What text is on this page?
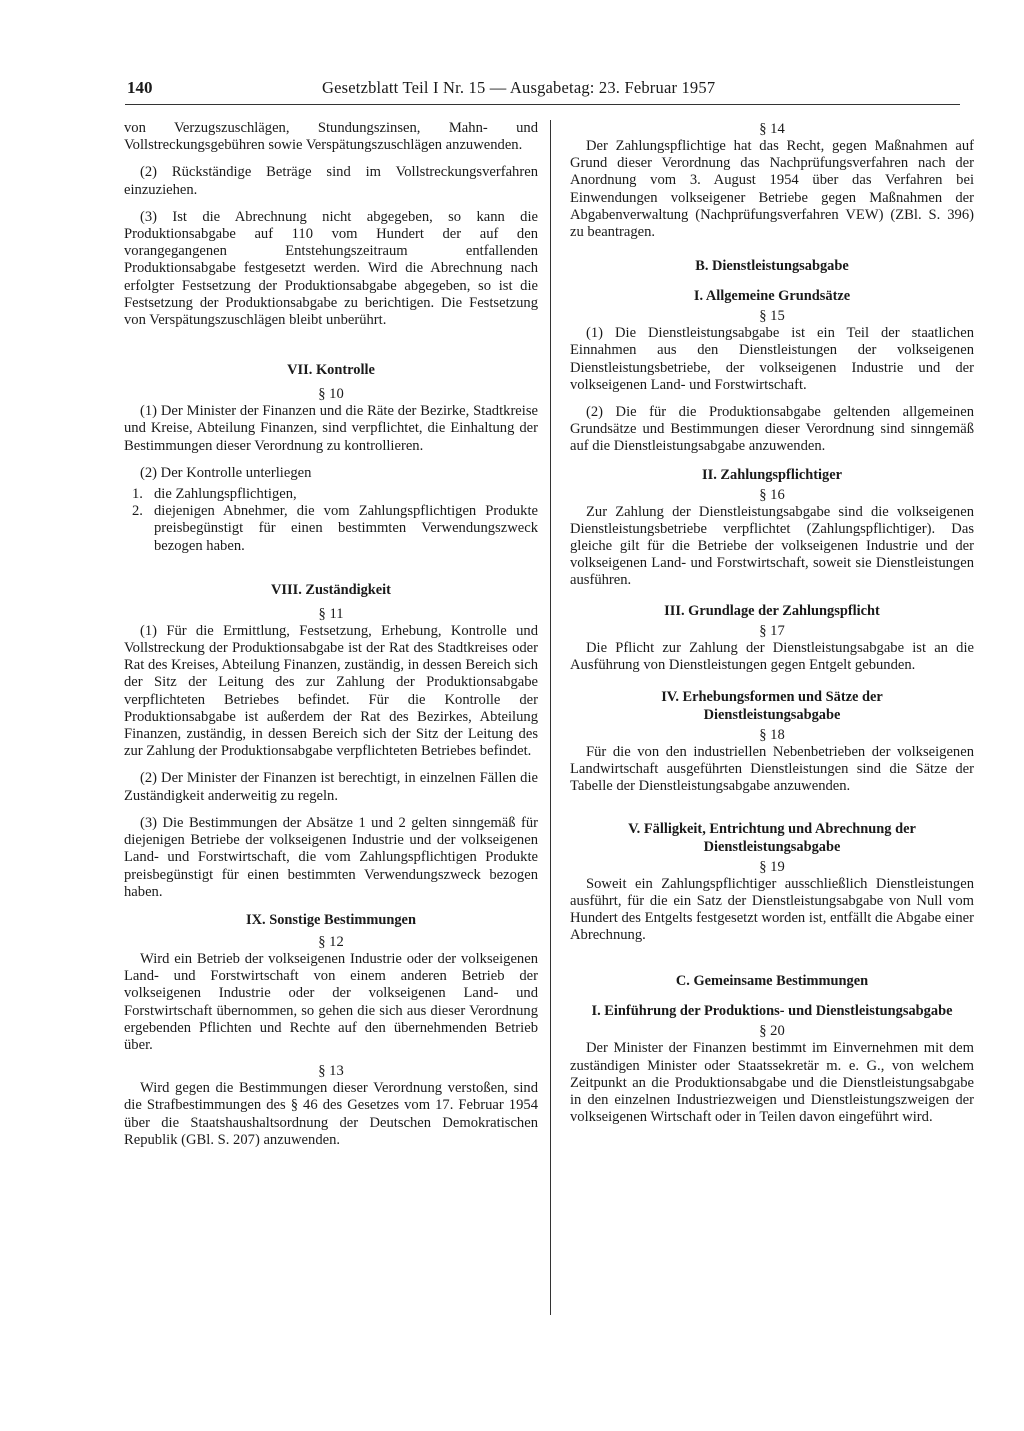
140	Gesetzblatt Teil I Nr. 15 — Ausgabetag: 23. Februar 1957

von Verzugszuschlägen, Stundungszinsen, Mahn- und Vollstreckungsgebühren sowie Verspätungszuschlägen anzuwenden.

(2) Rückständige Beträge sind im Vollstreckungsverfahren einzuziehen.

(3) Ist die Abrechnung nicht abgegeben, so kann die Produktionsabgabe auf 110 vom Hundert der auf den vorangegangenen Entstehungszeitraum entfallenden Produktionsabgabe festgesetzt werden. Wird die Abrechnung nach erfolgter Festsetzung der Produktionsabgabe abgegeben, so ist die Festsetzung der Produktionsabgabe zu berichtigen. Die Festsetzung von Verspätungszuschlägen bleibt unberührt.

VII. Kontrolle
§ 10

(1) Der Minister der Finanzen und die Räte der Bezirke, Stadtkreise und Kreise, Abteilung Finanzen, sind verpflichtet, die Einhaltung der Bestimmungen dieser Verordnung zu kontrollieren.

(2) Der Kontrolle unterliegen

1. die Zahlungspflichtigen,
2. diejenigen Abnehmer, die vom Zahlungspflichtigen Produkte preisbegünstigt für einen bestimmten Verwendungszweck bezogen haben.
VIII. Zuständigkeit
§ 11

(1) Für die Ermittlung, Festsetzung, Erhebung, Kontrolle und Vollstreckung der Produktionsabgabe ist der Rat des Stadtkreises oder Rat des Kreises, Abteilung Finanzen, zuständig, in dessen Bereich sich der Sitz der Leitung des zur Zahlung der Produktionsabgabe verpflichteten Betriebes befindet. Für die Kontrolle der Produktionsabgabe ist außerdem der Rat des Bezirkes, Abteilung Finanzen, zuständig, in dessen Bereich sich der Sitz der Leitung des zur Zahlung der Produktionsabgabe verpflichteten Betriebes befindet.

(2) Der Minister der Finanzen ist berechtigt, in einzelnen Fällen die Zuständigkeit anderweitig zu regeln.

(3) Die Bestimmungen der Absätze 1 und 2 gelten sinngemäß für diejenigen Betriebe der volkseigenen Industrie und der volkseigenen Land- und Forstwirtschaft, die vom Zahlungspflichtigen Produkte preisbegünstigt für einen bestimmten Verwendungszweck bezogen haben.

IX. Sonstige Bestimmungen
§ 12

Wird ein Betrieb der volkseigenen Industrie oder der volkseigenen Land- und Forstwirtschaft von einem anderen Betrieb der volkseigenen Industrie oder der volkseigenen Land- und Forstwirtschaft übernommen, so gehen die sich aus dieser Verordnung ergebenden Pflichten und Rechte auf den übernehmenden Betrieb über.

§ 13

Wird gegen die Bestimmungen dieser Verordnung verstoßen, sind die Strafbestimmungen des § 46 des Gesetzes vom 17. Februar 1954 über die Staatshaushaltsordnung der Deutschen Demokratischen Republik (GBl. S. 207) anzuwenden.

§ 14

Der Zahlungspflichtige hat das Recht, gegen Maßnahmen auf Grund dieser Verordnung das Nachprüfungsverfahren nach der Anordnung vom 3. August 1954 über das Verfahren bei Einwendungen volkseigener Betriebe gegen Maßnahmen der Abgabenverwaltung (Nachprüfungsverfahren VEW) (ZBl. S. 396) zu beantragen.

B. Dienstleistungsabgabe
I. Allgemeine Grundsätze
§ 15

(1) Die Dienstleistungsabgabe ist ein Teil der staatlichen Einnahmen aus den Dienstleistungen der volkseigenen Dienstleistungsbetriebe, der volkseigenen Industrie und der volkseigenen Land- und Forstwirtschaft.

(2) Die für die Produktionsabgabe geltenden allgemeinen Grundsätze und Bestimmungen dieser Verordnung sind sinngemäß auf die Dienstleistungsabgabe anzuwenden.

II. Zahlungspflichtiger
§ 16

Zur Zahlung der Dienstleistungsabgabe sind die volkseigenen Dienstleistungsbetriebe verpflichtet (Zahlungspflichtiger). Das gleiche gilt für die Betriebe der volkseigenen Industrie und der volkseigenen Land- und Forstwirtschaft, soweit sie Dienstleistungen ausführen.

III. Grundlage der Zahlungspflicht
§ 17

Die Pflicht zur Zahlung der Dienstleistungsabgabe ist an die Ausführung von Dienstleistungen gegen Entgelt gebunden.

IV. Erhebungsformen und Sätze der Dienstleistungsabgabe
§ 18

Für die von den industriellen Nebenbetrieben der volkseigenen Landwirtschaft ausgeführten Dienstleistungen sind die Sätze der Tabelle der Dienstleistungsabgabe anzuwenden.

V. Fälligkeit, Entrichtung und Abrechnung der Dienstleistungsabgabe
§ 19

Soweit ein Zahlungspflichtiger ausschließlich Dienstleistungen ausführt, für die ein Satz der Dienstleistungsabgabe von Null vom Hundert des Entgelts festgesetzt worden ist, entfällt die Abgabe einer Abrechnung.

C. Gemeinsame Bestimmungen
I. Einführung der Produktions- und Dienstleistungsabgabe
§ 20

Der Minister der Finanzen bestimmt im Einvernehmen mit dem zuständigen Minister oder Staatssekretär m. e. G., von welchem Zeitpunkt an die Produktionsabgabe und die Dienstleistungsabgabe in den einzelnen Industriezweigen und Dienstleistungszweigen der volkseigenen Wirtschaft oder in Teilen davon eingeführt wird.
